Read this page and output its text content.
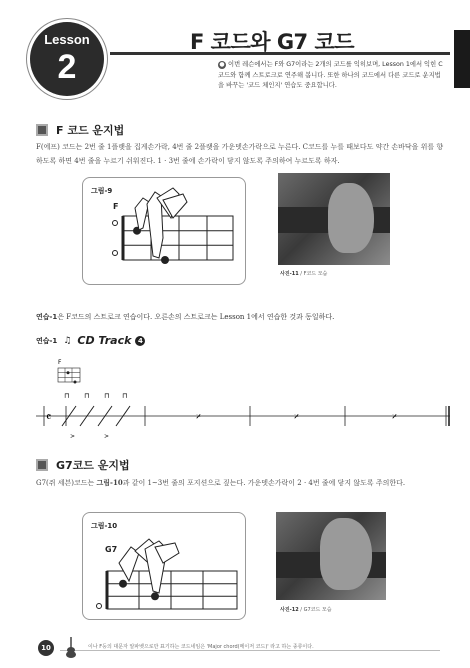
Lesson
2
F 코드와 G7 코드
● 이번 레슨에서는 F와 G7이라는 2개의 코드를 익히보며, Lesson 1에서 익힌 C코드와 함께 스트로크로 연주해 봅니다. 또한 하나의 코드에서 다른 코드로 운지법을 바꾸는 '코드 체인지' 연습도 중요합니다.
F 코드 운지법
F(에프) 코드는 2번 줄 1플랫을 집게손가락, 4번 줄 2플랫을 가운뎃손가락으로 누른다. C코드를 누를 때보다도 약간 손바닥을 위를 향하도록 하면 4번 줄을 누르기 쉬워진다. 1 · 3번 줄에 손가락이 닿지 않도록 주의하여 누르도록 하자.
그림-9
F
사진-11 / F코드 모습
연습-1은 F코드의 스트로크 연습이다. 오른손의 스트로크는 Lesson 1에서 연습한 것과 동일하다.
연습-1 ♫ CD Track 4
F
𝄴
⊓ ⊓ ⊓ ⊓
>	>
𝄎	𝄎	𝄎
G7코드 운지법
G7(쥐 세븐)코드는 그림-10과 같이 1~3번 줄의 포지션으로 짚는다. 가운뎃손가락이 2 · 4번 줄에 닿지 않도록 주의한다.
그림-10
G7
사진-12 / G7코드 모습
10	이나 F등의 대문자 알파벳으로만 표기하는 코드네임은 'Major chord(메이저 코드)' 라고 하는 종류이다.
